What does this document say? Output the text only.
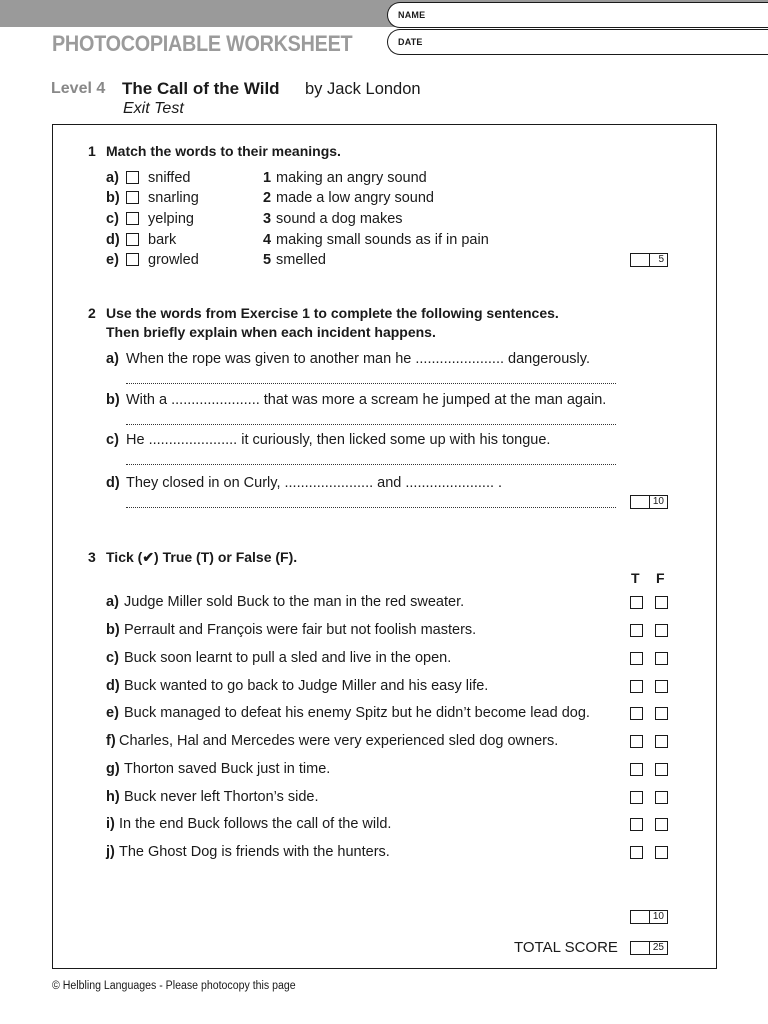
PHOTOCOPIABLE WORKSHEET
NAME
DATE
Level 4 The Call of the Wild by Jack London
Exit Test
1 Match the words to their meanings.
a) sniffed
b) snarling
c) yelping
d) bark
e) growled
1 making an angry sound
2 made a low angry sound
3 sound a dog makes
4 making small sounds as if in pain
5 smelled	5
2 Use the words from Exercise 1 to complete the following sentences.
Then briefly explain when each incident happens.
a) When the rope was given to another man he ...................... dangerously.
b) With a ...................... that was more a scream he jumped at the man again.
c) He ...................... it curiously, then licked some up with his tongue.
d) They closed in on Curly, ...................... and ...................... .
10
3 Tick (✔) True (T) or False (F).
T F
a) Judge Miller sold Buck to the man in the red sweater.
b) Perrault and François were fair but not foolish masters.
c) Buck soon learnt to pull a sled and live in the open.
d) Buck wanted to go back to Judge Miller and his easy life.
e) Buck managed to defeat his enemy Spitz but he didn’t become lead dog.
f) Charles, Hal and Mercedes were very experienced sled dog owners.
g) Thorton saved Buck just in time.
h) Buck never left Thorton’s side.
i) In the end Buck follows the call of the wild.
j) The Ghost Dog is friends with the hunters.
10
TOTAL SCORE	25
© Helbling Languages - Please photocopy this page
